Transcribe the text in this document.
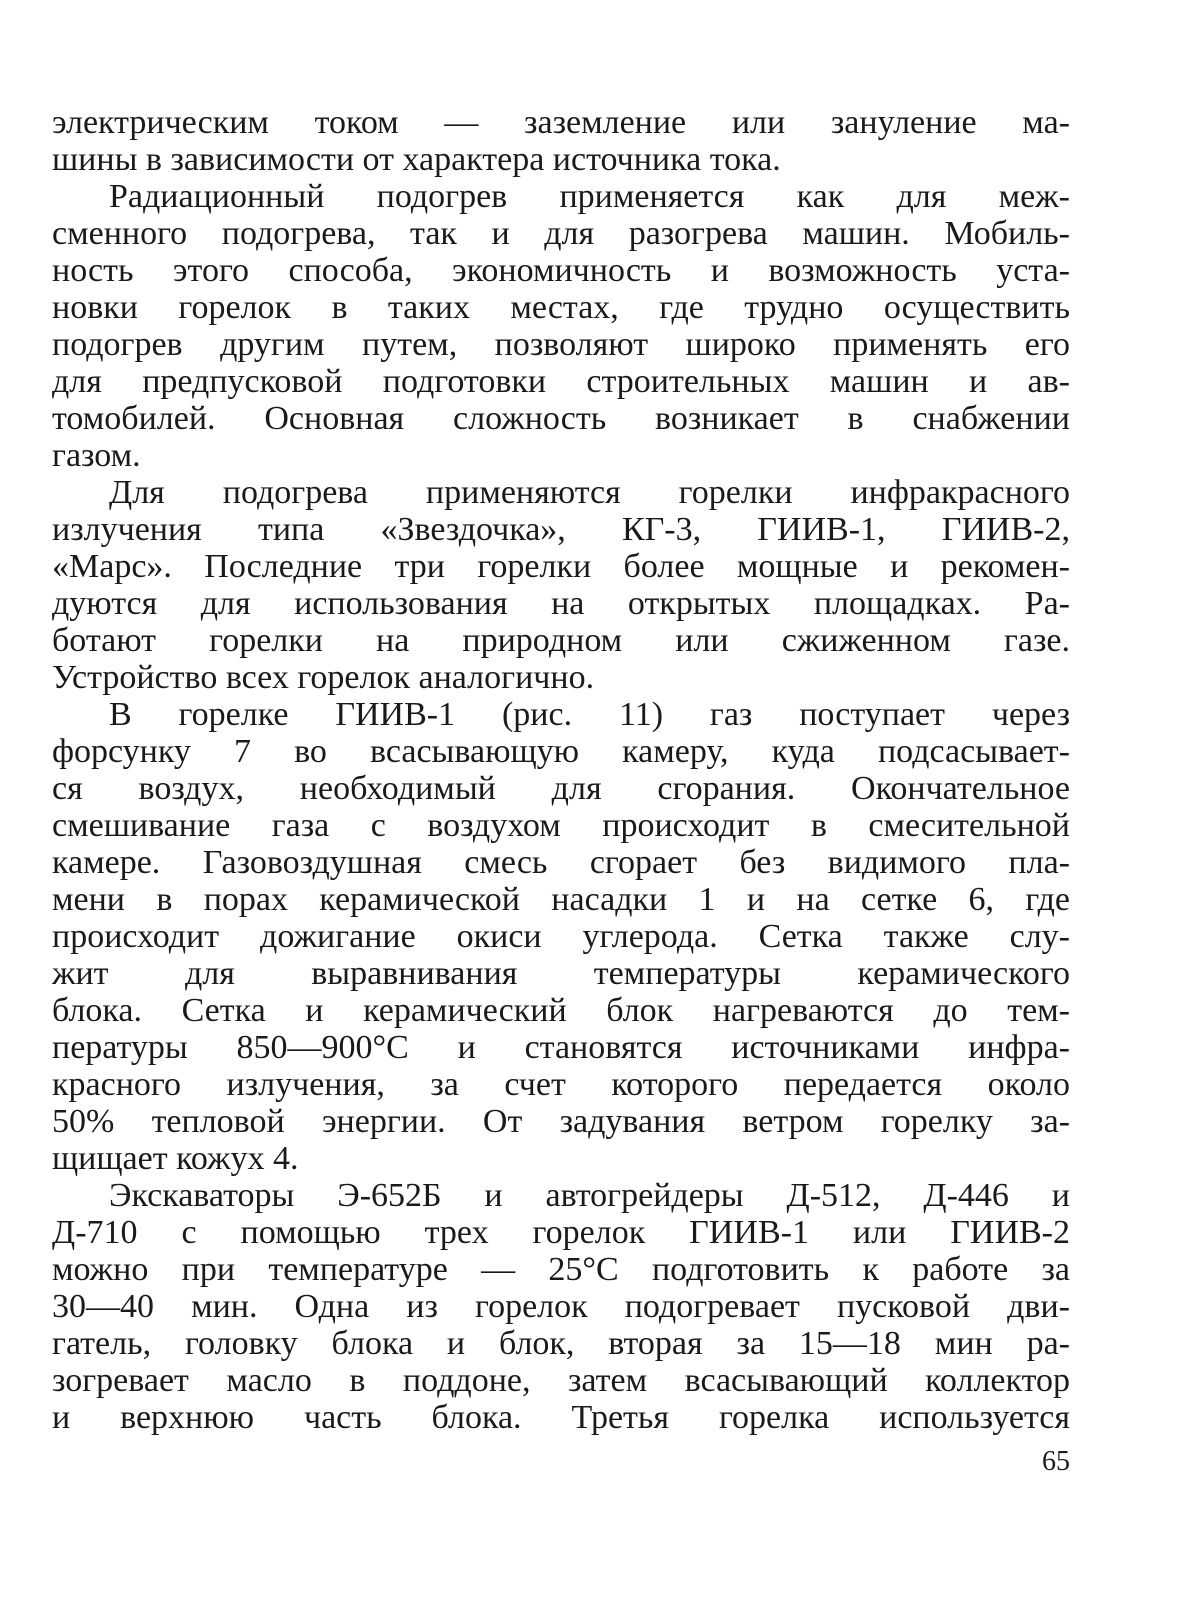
электрическим током — заземление или зануление ма-
шины в зависимости от характера источника тока.
Радиационный подогрев применяется как для меж-
сменного подогрева, так и для разогрева машин. Мобиль-
ность этого способа, экономичность и возможность уста-
новки горелок в таких местах, где трудно осуществить
подогрев другим путем, позволяют широко применять его
для предпусковой подготовки строительных машин и ав-
томобилей. Основная сложность возникает в снабжении
газом.
Для подогрева применяются горелки инфракрасного
излучения типа «Звездочка», КГ-3, ГИИВ-1, ГИИВ-2,
«Марс». Последние три горелки более мощные и рекомен-
дуются для использования на открытых площадках. Ра-
ботают горелки на природном или сжиженном газе.
Устройство всех горелок аналогично.
В горелке ГИИВ-1 (рис. 11) газ поступает через
форсунку 7 во всасывающую камеру, куда подсасывает-
ся воздух, необходимый для сгорания. Окончательное
смешивание газа с воздухом происходит в смесительной
камере. Газовоздушная смесь сгорает без видимого пла-
мени в порах керамической насадки 1 и на сетке 6, где
происходит дожигание окиси углерода. Сетка также слу-
жит для выравнивания температуры керамического
блока. Сетка и керамический блок нагреваются до тем-
пературы 850—900°С и становятся источниками инфра-
красного излучения, за счет которого передается около
50% тепловой энергии. От задувания ветром горелку за-
щищает кожух 4.
Экскаваторы Э-652Б и автогрейдеры Д-512, Д-446 и
Д-710 с помощью трех горелок ГИИВ-1 или ГИИВ-2
можно при температуре — 25°С подготовить к работе за
30—40 мин. Одна из горелок подогревает пусковой дви-
гатель, головку блока и блок, вторая за 15—18 мин ра-
зогревает масло в поддоне, затем всасывающий коллектор
и верхнюю часть блока. Третья горелка используется
65
